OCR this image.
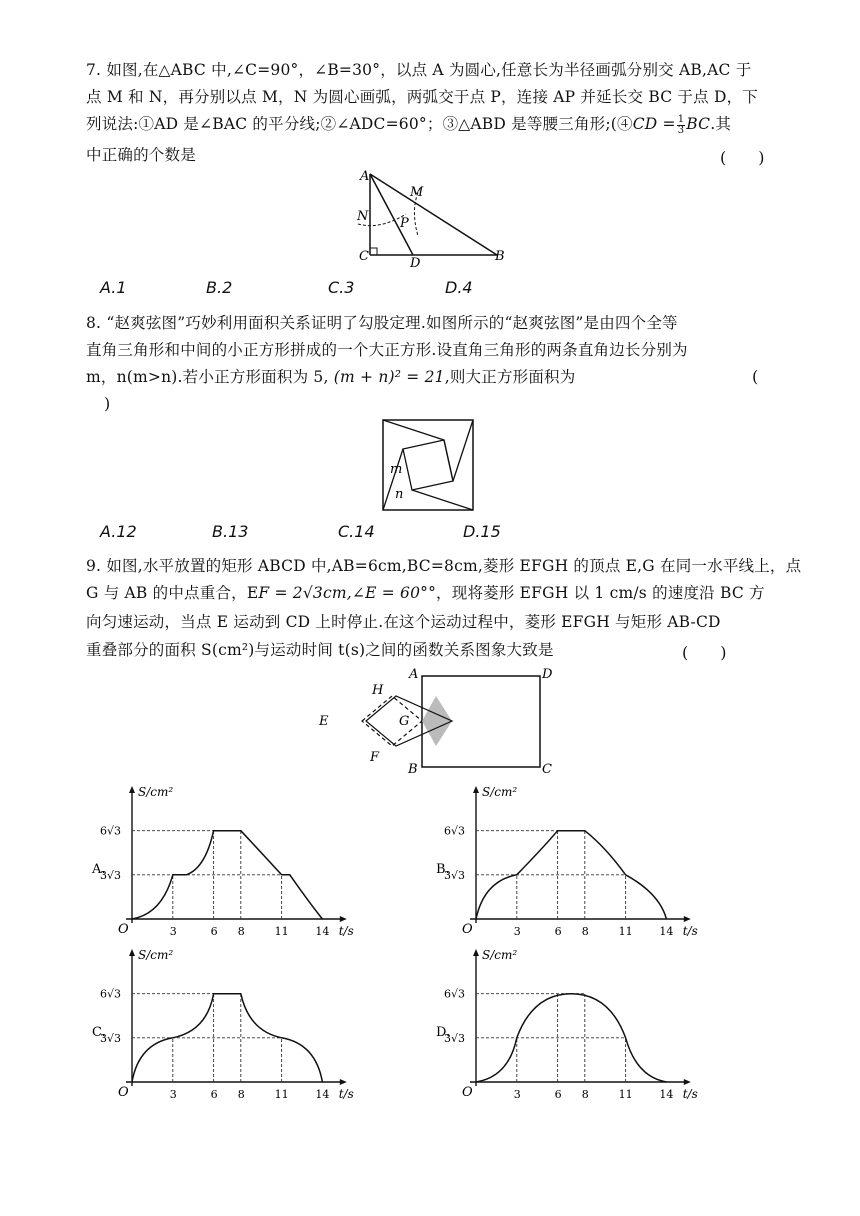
7. 如图,在△ABC 中,∠C=90°，∠B=30°，以点 A 为圆心,任意长为半径画弧分别交 AB,AC 于
点 M 和 N，再分别以点 M，N 为圆心画弧，两弧交于点 P，连接 AP 并延长交 BC 于点 D，下
列说法:①AD 是∠BAC 的平分线;②∠ADC=60°；③△ABD 是等腰三角形;(④CD = $\frac{1}{3}$ BC.其
中正确的个数是	(　　)
A
M
N P
C	D	B
A.1	B.2	C.3	D.4
8. “赵爽弦图”巧妙利用面积关系证明了勾股定理.如图所示的“赵爽弦图”是由四个全等
直角三角形和中间的小正方形拼成的一个大正方形.设直角三角形的两条直角边长分别为
m，n(m>n).若小正方形面积为 5, (m + n)² = 21,则大正方形面积为	(
)
m
n
A.12	B.13	C.14	D.15
9. 如图,水平放置的矩形 ABCD 中,AB=6cm,BC=8cm,菱形 EFGH 的顶点 E,G 在同一水平线上，点
G 与 AB 的中点重合，EF = 2√3cm,∠E = 60°°，现将菱形 EFGH 以 1 cm/s 的速度沿 BC 方
向匀速运动，当点 E 运动到 CD 上时停止.在这个运动过程中，菱形 EFGH 与矩形 AB-CD
重叠部分的面积 S(cm²)与运动时间 t(s)之间的函数关系图象大致是	(　　)
A	D
H
E	G
F
B	C
A.
S/cm²
t/s
O
6√3
3√3
3	6 8	11 14
B.
S/cm²
t/s
O
6√3
3√3
3	6 8	11 14
C.
S/cm²
t/s
O
6√3
3√3
3	6 8	11 14
D.
S/cm²
t/s
O
6√3
3√3
3	6 8	11 14
